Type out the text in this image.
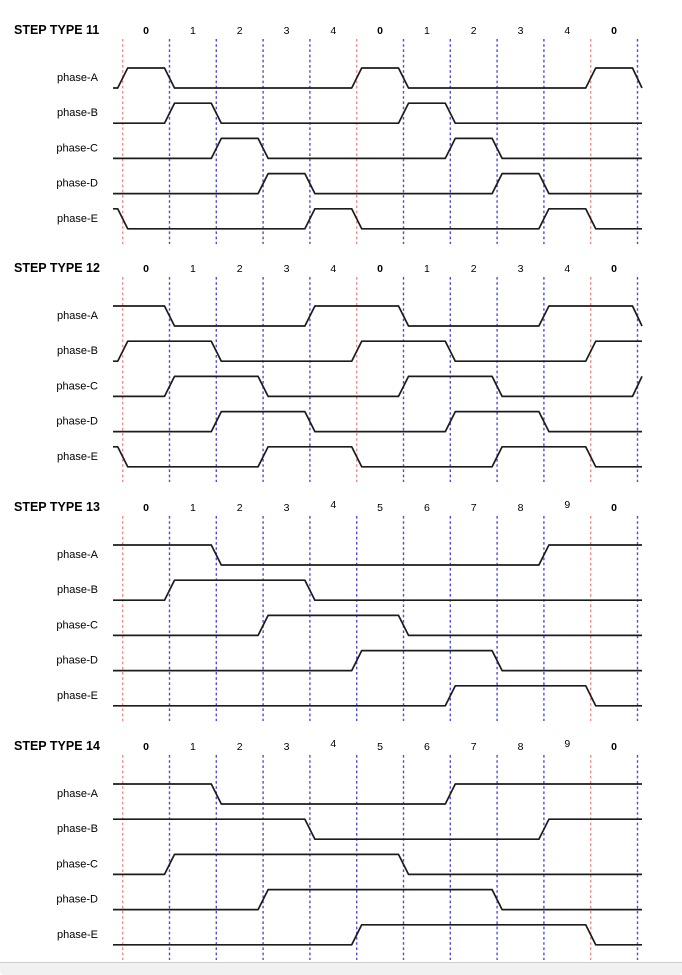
STEP TYPE 11	0	1	2	3	4	0	1	2	3	4	0
phase-A
phase-B
phase-C
phase-D
phase-E
STEP TYPE 12	0	1	2	3	4	0	1	2	3	4	0
phase-A
phase-B
phase-C
phase-D
phase-E
STEP TYPE 13	0	1	2	3	4	5	6	7	8	9	0
phase-A
phase-B
phase-C
phase-D
phase-E
STEP TYPE 14	0	1	2	3	4	5	6	7	8	9	0
phase-A
phase-B
phase-C
phase-D
phase-E
